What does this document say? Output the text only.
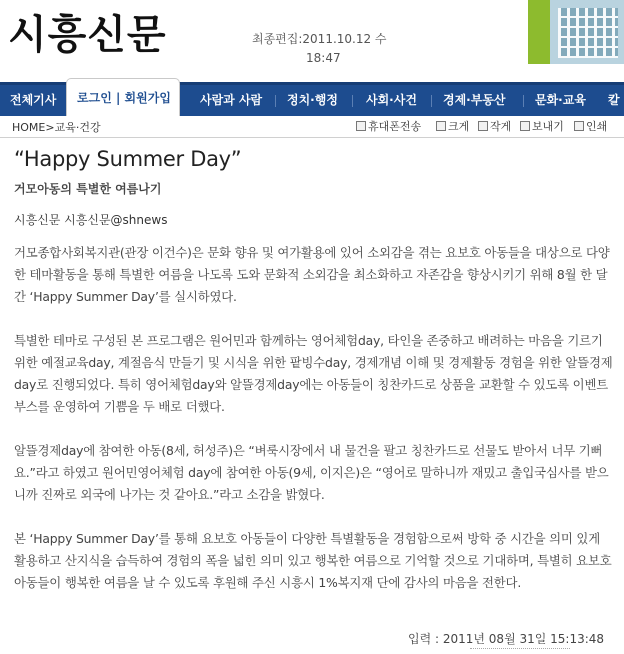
시흥신문	최종편집:2011.10.12 수
18:47
전체기사	로그인 | 회원가입	사람과 사람 정치·행정 사회·사건 경제·부동산 문화·교육 칼
HOME>교육·건강	휴대폰전송	크게	작게	보내기	인쇄
“Happy Summer Day”
거모아동의 특별한 여름나기
시흥신문 시흥신문@shnews

거모종합사회복지관(관장 이건수)은 문화 향유 및 여가활용에 있어 소외감을 겪는 요보호 아동들을 대상으로 다양한 테마활동을 통해 특별한 여름을 나도록 도와 문화적 소외감을 최소화하고 자존감을 향상시키기 위해 8월 한 달 간 ‘Happy Summer Day’를 실시하였다.

특별한 테마로 구성된 본 프로그램은 원어민과 함께하는 영어체험day, 타인을 존중하고 배려하는 마음을 기르기 위한 예절교육day, 계절음식 만들기 및 시식을 위한 팥빙수day, 경제개념 이해 및 경제활동 경험을 위한 알뜰경제day로 진행되었다. 특히 영어체험day와 알뜰경제day에는 아동들이 칭찬카드로 상품을 교환할 수 있도록 이벤트 부스를 운영하여 기쁨을 두 배로 더했다.

알뜰경제day에 참여한 아동(8세, 허성주)은 “벼룩시장에서 내 물건을 팔고 칭찬카드로 선물도 받아서 너무 기뻐요.”라고 하였고 원어민영어체험 day에 참여한 아동(9세, 이지은)은 “영어로 말하니까 재밌고 출입국심사를 받으니까 진짜로 외국에 나가는 것 같아요.”라고 소감을 밝혔다.

본 ‘Happy Summer Day’를 통해 요보호 아동들이 다양한 특별활동을 경험함으로써 방학 중 시간을 의미 있게 활용하고 산지식을 습득하여 경험의 폭을 넓힌 의미 있고 행복한 여름으로 기억할 것으로 기대하며, 특별히 요보호 아동들이 행복한 여름을 날 수 있도록 후원해 주신 시흥시 1%복지재 단에 감사의 마음을 전한다.

입력 : 2011년 08월 31일 15:13:48
